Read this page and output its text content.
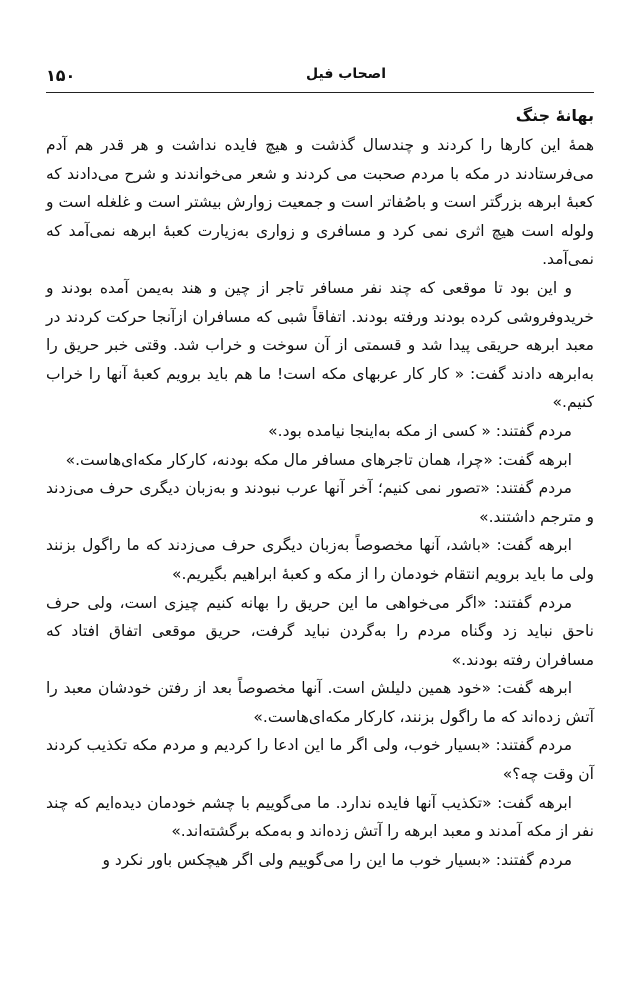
۱۵۰	اصحاب فیل

بهانهٔ جنگ

همهٔ این کارها را کردند و چندسال گذشت و هیچ فایده نداشت و هر قدر هم آدم می‌فرستادند در مکه با مردم صحبت می کردند و شعر می‌خواندند و شرح می‌دادند که کعبهٔ ابرهه بزرگتر است و باصُفاتر است و جمعیت زوارش بیشتر است و غلغله است و ولوله است هیچ اثری نمی کرد و مسافری و زواری به‌زیارت کعبهٔ ابرهه نمی‌آمد که نمی‌آمد.

و این بود تا موقعی که چند نفر مسافر تاجر از چین و هند به‌یمن آمده بودند و خریدوفروشی کرده بودند ورفته بودند. اتفاقاً شبی که مسافران ازآنجا حرکت کردند در معبد ابرهه حریقی پیدا شد و قسمتی از آن سوخت و خراب شد. وقتی خبر حریق را به‌ابرهه دادند گفت: « کار کار عربهای مکه است! ما هم باید برویم کعبهٔ آنها را خراب کنیم.»

مردم گفتند: « کسی از مکه به‌اینجا نیامده بود.»

ابرهه گفت: «چرا، همان تاجرهای مسافر مال مکه بودنه، کارکار مکه‌ای‌هاست.»

مردم گفتند: «تصور نمی کنیم؛ آخر آنها عرب نبودند و به‌زبان دیگری حرف می‌زدند و مترجم داشتند.»

ابرهه گفت: «باشد، آنها مخصوصاً به‌زبان دیگری حرف می‌زدند که ما راگول بزنند ولی ما باید برویم انتقام خودمان را از مکه و کعبهٔ ابراهیم بگیریم.»

مردم گفتند: «اگر می‌خواهی ما این حریق را بهانه کنیم چیزی است، ولی حرف ناحق نباید زد وگناه مردم را به‌گردن نباید گرفت، حریق موقعی اتفاق افتاد که مسافران رفته بودند.»

ابرهه گفت: «خود همین دلیلش است. آنها مخصوصاً بعد از رفتن خودشان معبد را آتش زده‌اند که ما راگول بزنند، کارکار مکه‌ای‌هاست.»

مردم گفتند: «بسیار خوب، ولی اگر ما این ادعا را کردیم و مردم مکه تکذیب کردند آن وقت چه؟»

ابرهه گفت: «تکذیب آنها فایده ندارد. ما می‌گوییم با چشم خودمان دیده‌ایم که چند نفر از مکه آمدند و معبد ابرهه را آتش زده‌اند و به‌مکه برگشته‌اند.»

مردم گفتند: «بسیار خوب ما این را می‌گوییم ولی اگر هیچکس باور نکرد و
